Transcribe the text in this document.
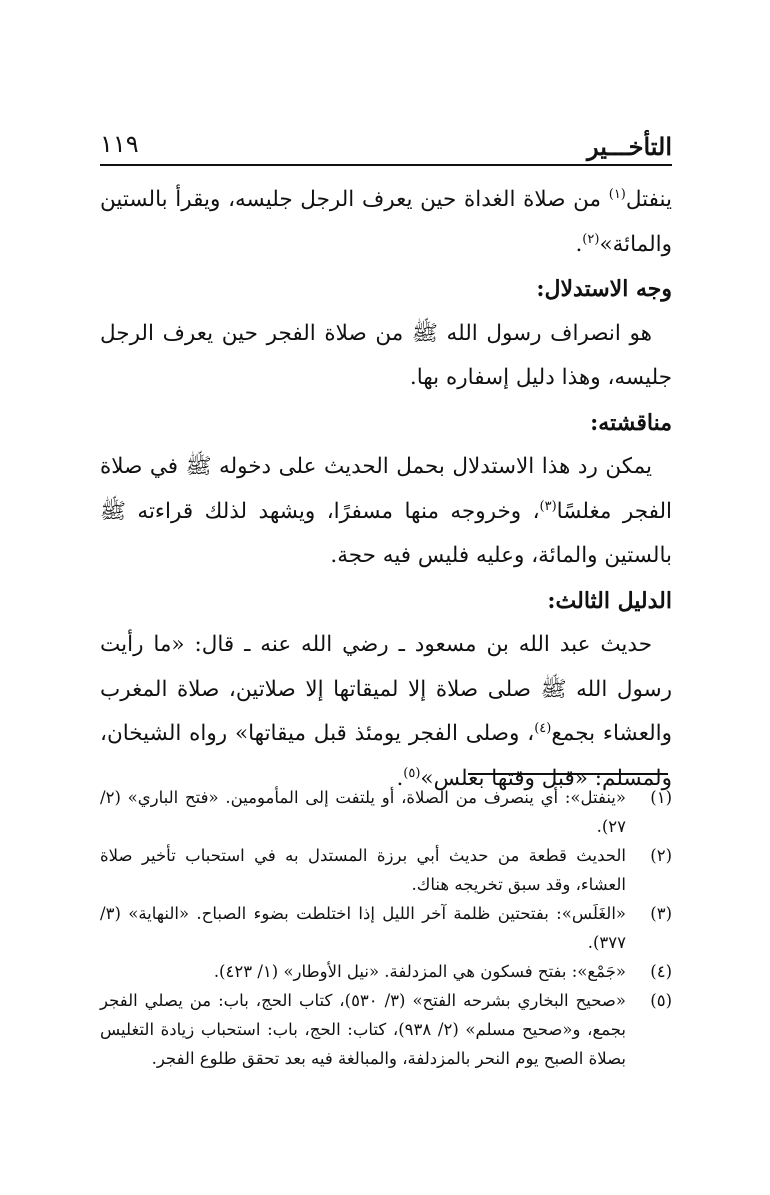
التأخـــير
١١٩

ينفتل$^{(١)}$ من صلاة الغداة حين يعرف الرجل جليسه، ويقرأ بالستين والمائة»$^{(٢)}$.

وجه الاستدلال:

هو انصراف رسول الله ﷺ من صلاة الفجر حين يعرف الرجل جليسه، وهذا دليل إسفاره بها.

مناقشته:

يمكن رد هذا الاستدلال بحمل الحديث على دخوله ﷺ في صلاة الفجر مغلسًا$^{(٣)}$، وخروجه منها مسفرًا، ويشهد لذلك قراءته ﷺ بالستين والمائة، وعليه فليس فيه حجة.

الدليل الثالث:

حديث عبد الله بن مسعود ـ رضي الله عنه ـ قال: «ما رأيت رسول الله ﷺ صلى صلاة إلا لميقاتها إلا صلاتين، صلاة المغرب والعشاء بجمع$^{(٤)}$، وصلى الفجر يومئذ قبل ميقاتها» رواه الشيخان، ولمسلم: «قبل وقتها بغلس»$^{(٥)}$.

(١)
«ينفتل»: أي ينصرف من الصلاة، أو يلتفت إلى المأمومين. «فتح الباري» (٢/ ٢٧).

(٢)
الحديث قطعة من حديث أبي برزة المستدل به في استحباب تأخير صلاة العشاء، وقد سبق تخريجه هناك.

(٣)
«الغَلَس»: بفتحتين ظلمة آخر الليل إذا اختلطت بضوء الصباح. «النهاية» (٣/ ٣٧٧).

(٤)
«جَمْع»: بفتح فسكون هي المزدلفة. «نيل الأوطار» (١/ ٤٢٣).

(٥)
«صحيح البخاري بشرحه الفتح» (٣/ ٥٣٠)، كتاب الحج، باب: من يصلي الفجر بجمع، و«صحيح مسلم» (٢/ ٩٣٨)، كتاب: الحج، باب: استحباب زيادة التغليس بصلاة الصبح يوم النحر بالمزدلفة، والمبالغة فيه بعد تحقق طلوع الفجر.
